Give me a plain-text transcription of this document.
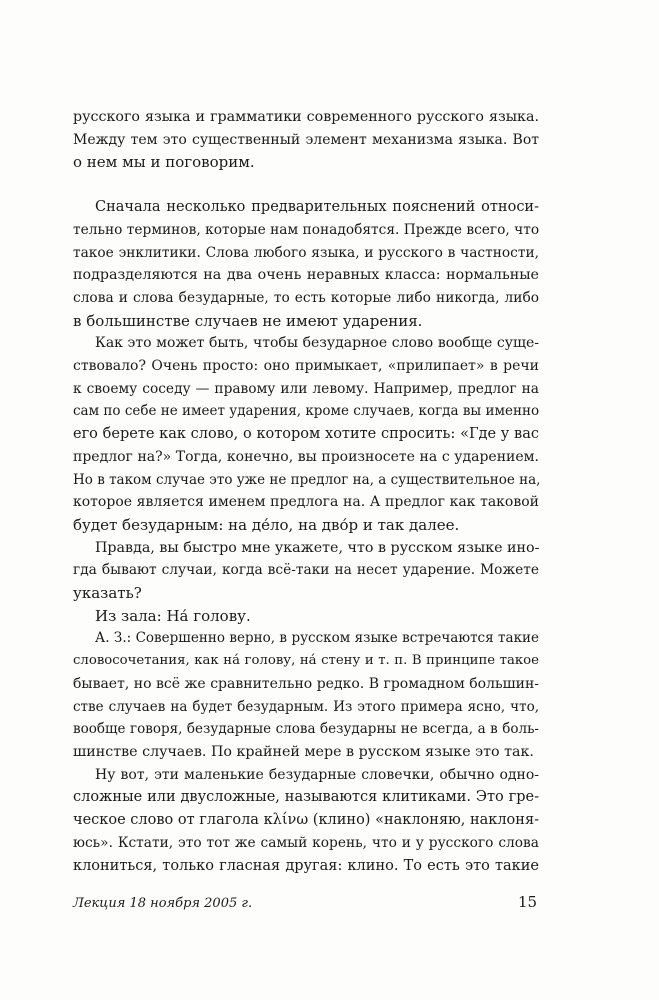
русского языка и грамматики современного русского языка.
Между тем это существенный элемент механизма языка. Вот
о нем мы и поговорим.
Сначала несколько предварительных пояснений относи-
тельно терминов, которые нам понадобятся. Прежде всего, что
такое энклитики. Слова любого языка, и русского в частности,
подразделяются на два очень неравных класса: нормальные
слова и слова безударные, то есть которые либо никогда, либо
в большинстве случаев не имеют ударения.
Как это может быть, чтобы безударное слово вообще суще-
ствовало? Очень просто: оно примыкает, «прилипает» в речи
к своему соседу — правому или левому. Например, предлог на
сам по себе не имеет ударения, кроме случаев, когда вы именно
его берете как слово, о котором хотите спросить: «Где у вас
предлог на?» Тогда, конечно, вы произносете на с ударением.
Но в таком случае это уже не предлог на, а существительное на,
которое является именем предлога на. А предлог как таковой
будет безударным: на де́ло, на дво́р и так далее.
Правда, вы быстро мне укажете, что в русском языке ино-
гда бывают случаи, когда всё-таки на несет ударение. Можете
указать?
Из зала: На́ голову.
А. З.: Совершенно верно, в русском языке встречаются такие
словосочетания, как на́ голову, на́ стену и т. п. В принципе такое
бывает, но всё же сравнительно редко. В громадном большин-
стве случаев на будет безударным. Из этого примера ясно, что,
вообще говоря, безударные слова безударны не всегда, а в боль-
шинстве случаев. По крайней мере в русском языке это так.
Ну вот, эти маленькие безударные словечки, обычно одно-
сложные или двусложные, называются клитиками. Это гре-
ческое слово от глагола κλίνω (клино) «наклоняю, наклоня-
юсь». Кстати, это тот же самый корень, что и у русского слова
клониться, только гласная другая: клино. То есть это такие
Лекция 18 ноября 2005 г.	15
